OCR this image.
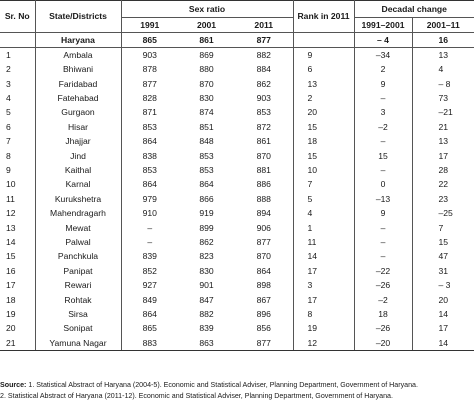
Sr. No	State/Districts	Sex ratio			Rank in 2011	Decadal change	
		1991	2001	2011		1991–2001	2001–11
	Haryana	865	861	877		– 4	16
1	Ambala	903	869	882	9	–34	13
2	Bhiwani	878	880	884	6	2	4
3	Faridabad	877	870	862	13	9	– 8
4	Fatehabad	828	830	903	2	–	73
5	Gurgaon	871	874	853	20	3	–21
6	Hisar	853	851	872	15	–2	21
7	Jhajjar	864	848	861	18	–	13
8	Jind	838	853	870	15	15	17
9	Kaithal	853	853	881	10	–	28
10	Karnal	864	864	886	7	0	22
11	Kurukshetra	979	866	888	5	–13	23
12	Mahendragarh	910	919	894	4	9	–25
13	Mewat	–	899	906	1	–	7
14	Palwal	–	862	877	11	–	15
15	Panchkula	839	823	870	14	–	47
16	Panipat	852	830	864	17	–22	31
17	Rewari	927	901	898	3	–26	– 3
18	Rohtak	849	847	867	17	–2	20
19	Sirsa	864	882	896	8	18	14
20	Sonipat	865	839	856	19	–26	17
21	Yamuna Nagar	883	863	877	12	–20	14
Source: 1. Statistical Abstract of Haryana (2004-5). Economic and Statistical Adviser, Planning Department, Government of Haryana.
2. Statistical Abstract of Haryana (2011-12). Economic and Statistical Adviser, Planning Department, Government of Haryana.
